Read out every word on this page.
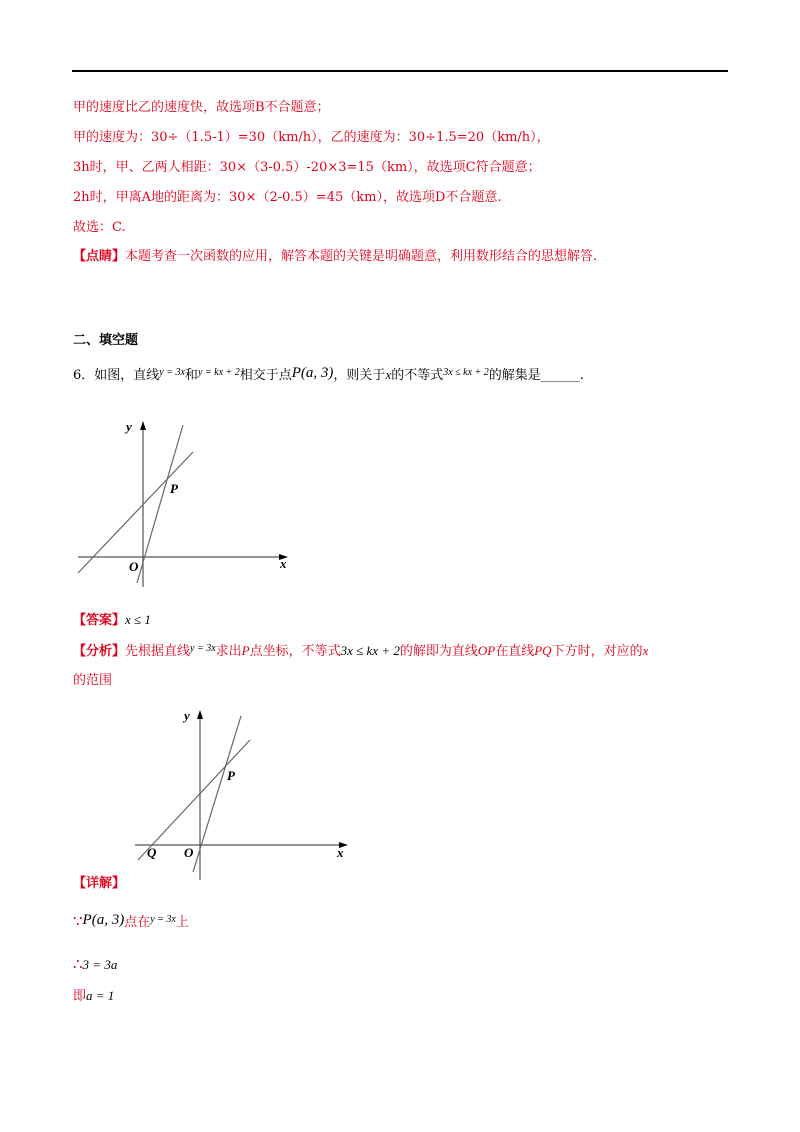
甲的速度比乙的速度快，故选项B不合题意；
甲的速度为：30÷（1.5-1）=30（km/h），乙的速度为：30÷1.5=20（km/h），
3h时，甲、乙两人相距：30×（3-0.5）-20×3=15（km），故选项C符合题意；
2h时，甲离A地的距离为：30×（2-0.5）=45（km），故选项D不合题意.
故选：C.
【点睛】本题考查一次函数的应用，解答本题的关键是明确题意，利用数形结合的思想解答.
二、填空题
6．如图，直线$^{y = 3x}$和$^{y = kx + 2}$相交于点P(a, 3)，则关于x的不等式$^{3x \le kx + 2}$的解集是______.
y
x
O
P
【答案】x ≤ 1
【分析】先根据直线$^{y = 3x}$求出P点坐标，不等式3x ≤ kx + 2的解即为直线OP在直线PQ下方时，对应的x
的范围
y
x
O
Q
P
【详解】
∵P(a, 3)点在$^{y = 3x}$上
∴3 = 3a
即a = 1
